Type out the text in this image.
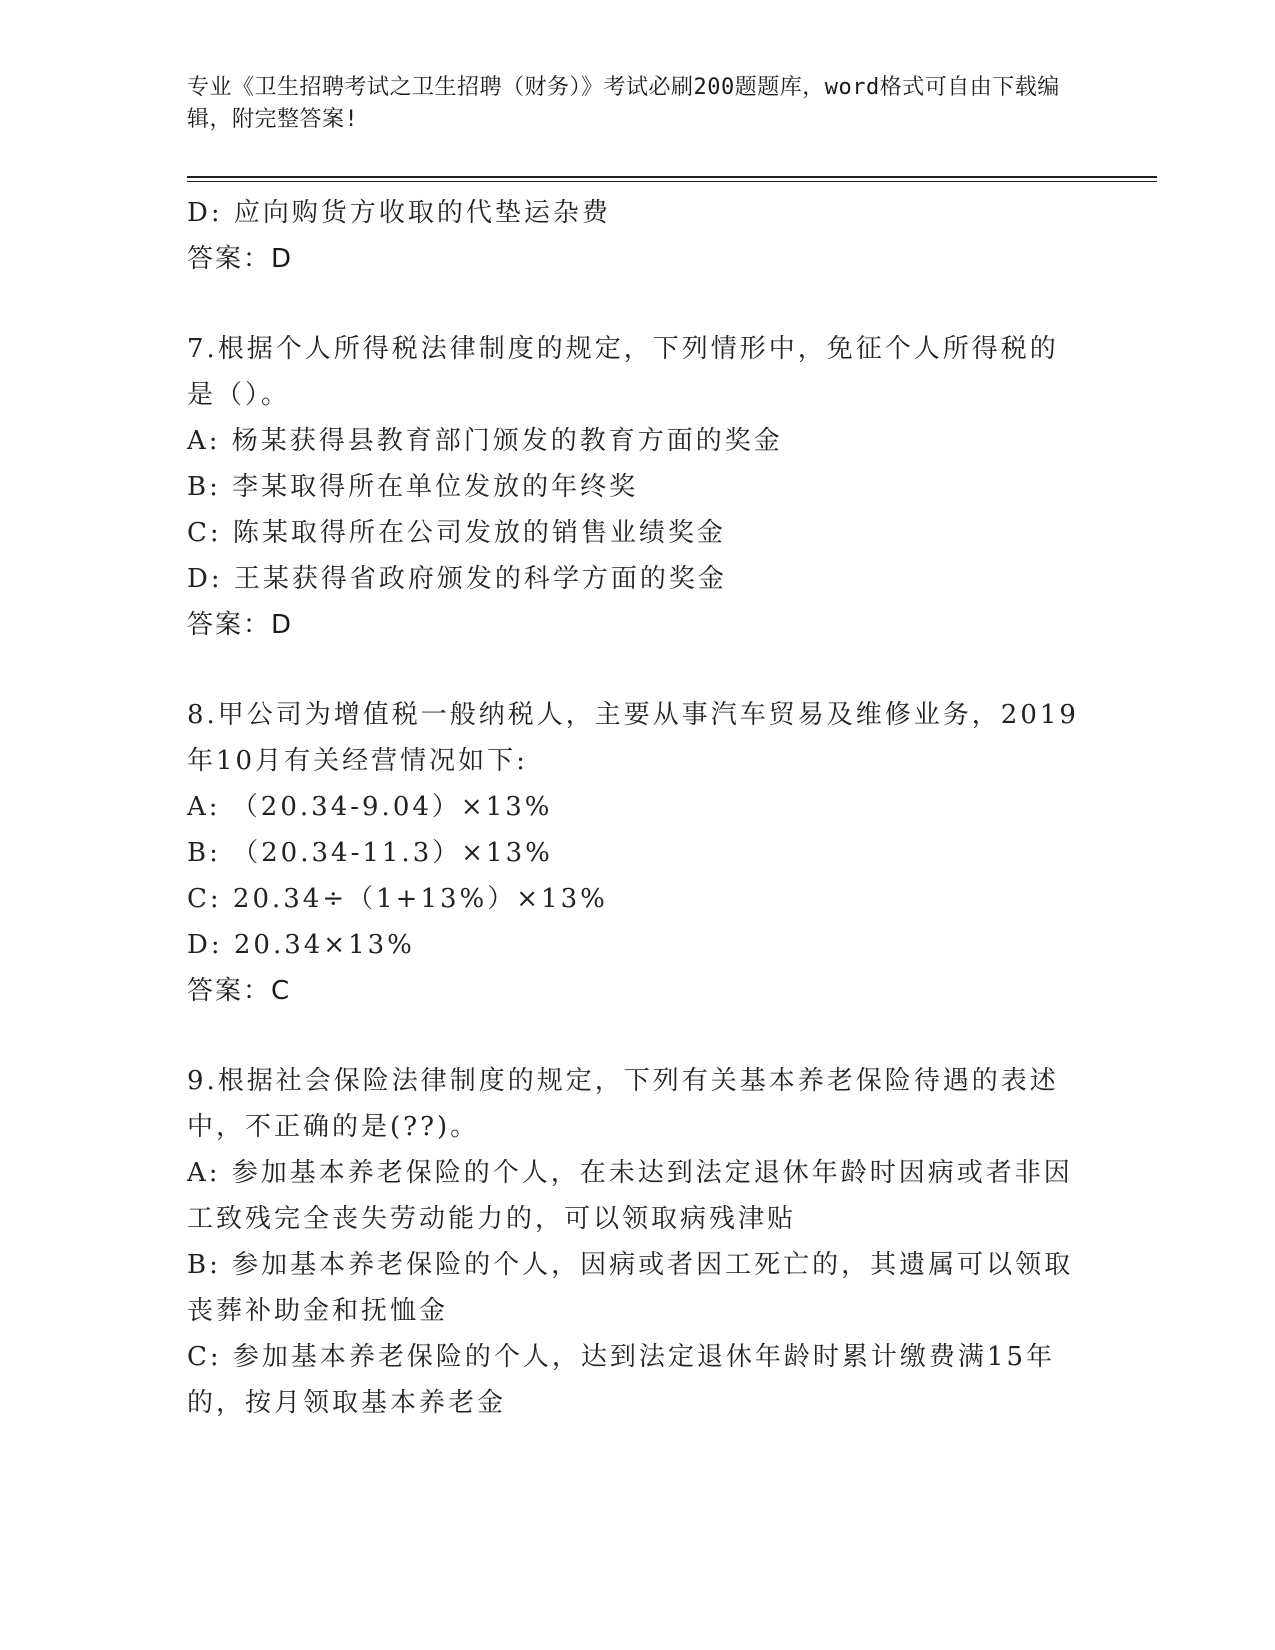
专业《卫生招聘考试之卫生招聘（财务）》考试必刷200题题库，word格式可自由下载编辑，附完整答案!
D: 应向购货方收取的代垫运杂费
答案：D
7.根据个人所得税法律制度的规定，下列情形中，免征个人所得税的是（）。
A: 杨某获得县教育部门颁发的教育方面的奖金
B: 李某取得所在单位发放的年终奖
C: 陈某取得所在公司发放的销售业绩奖金
D: 王某获得省政府颁发的科学方面的奖金
答案：D
8.甲公司为增值税一般纳税人，主要从事汽车贸易及维修业务，2019年10月有关经营情况如下:
A: （20.34-9.04）×13%
B: （20.34-11.3）×13%
C: 20.34÷（1+13%）×13%
D: 20.34×13%
答案：C
9.根据社会保险法律制度的规定，下列有关基本养老保险待遇的表述中，不正确的是(??)。
A: 参加基本养老保险的个人，在未达到法定退休年龄时因病或者非因工致残完全丧失劳动能力的，可以领取病残津贴
B: 参加基本养老保险的个人，因病或者因工死亡的，其遗属可以领取丧葬补助金和抚恤金
C: 参加基本养老保险的个人，达到法定退休年龄时累计缴费满15年的，按月领取基本养老金
